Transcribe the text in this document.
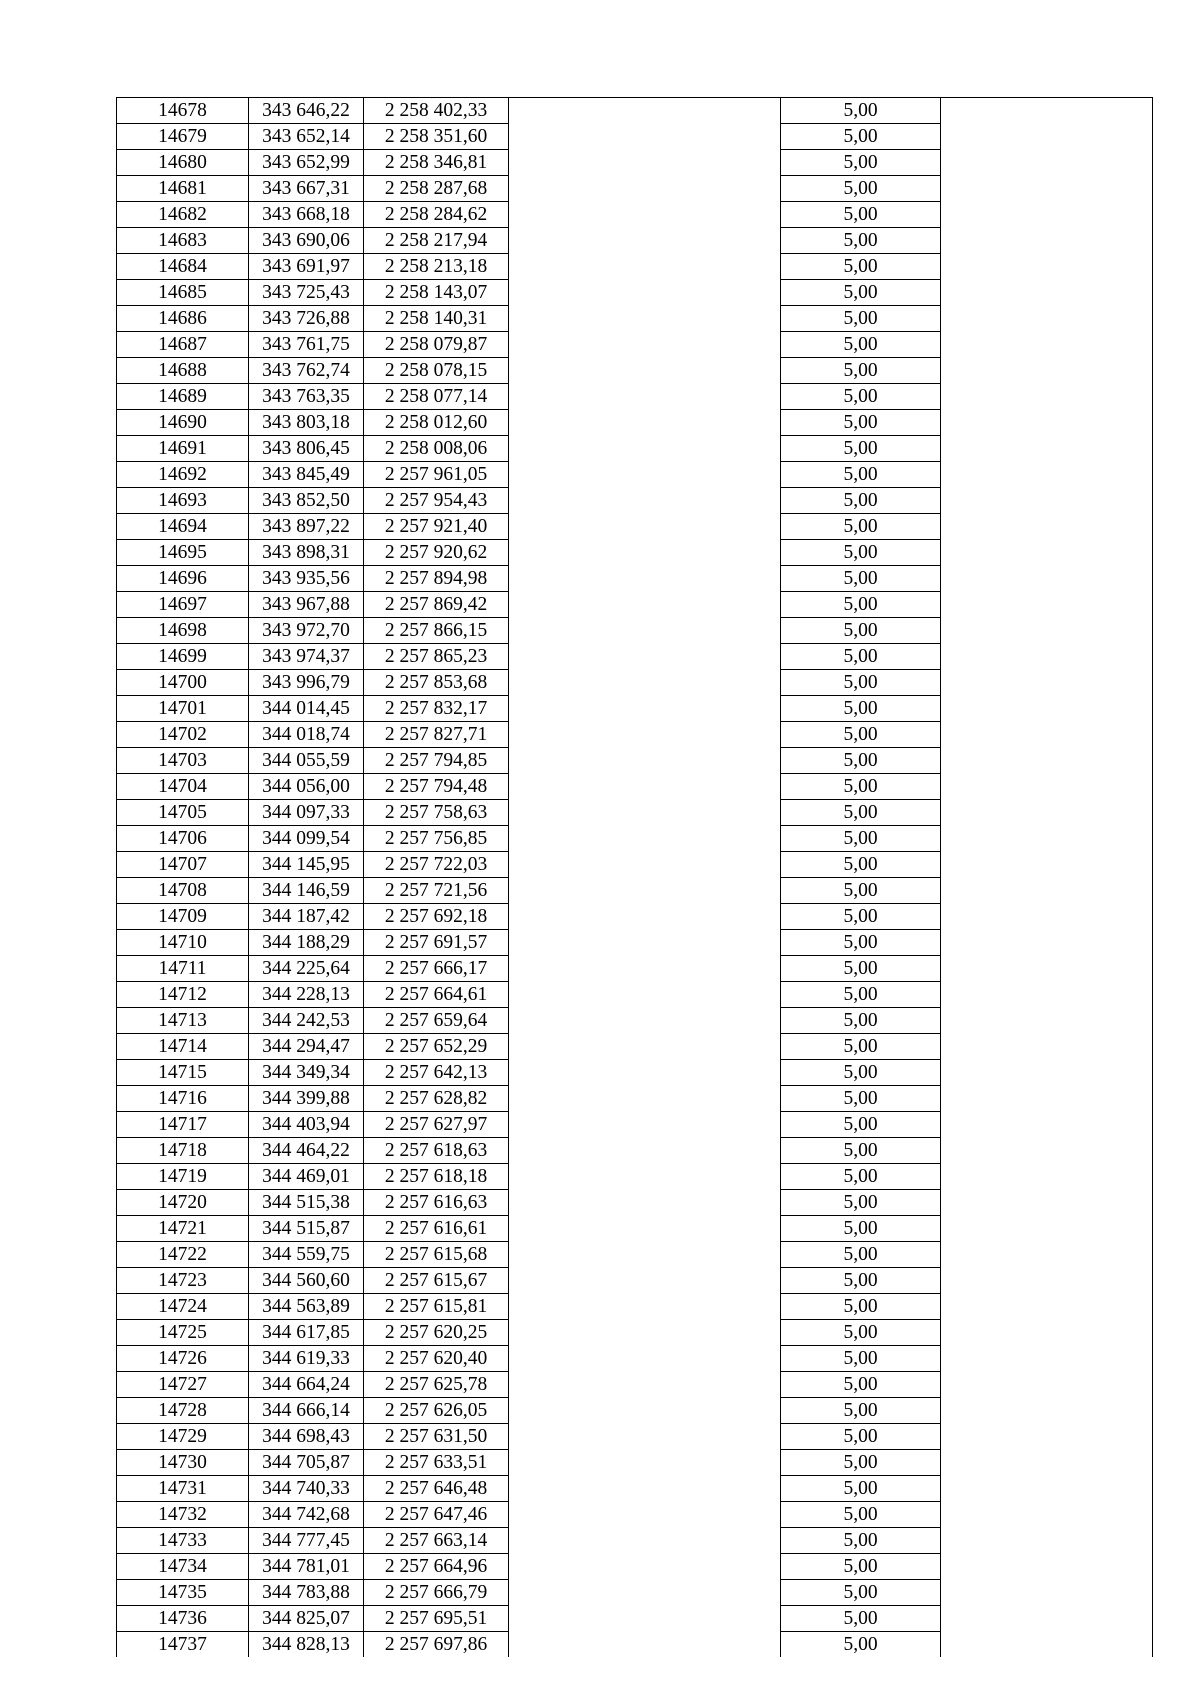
14678	343 646,22	2 258 402,33		5,00	
14679	343 652,14	2 258 351,60		5,00	
14680	343 652,99	2 258 346,81		5,00	
14681	343 667,31	2 258 287,68		5,00	
14682	343 668,18	2 258 284,62		5,00	
14683	343 690,06	2 258 217,94		5,00	
14684	343 691,97	2 258 213,18		5,00	
14685	343 725,43	2 258 143,07		5,00	
14686	343 726,88	2 258 140,31		5,00	
14687	343 761,75	2 258 079,87		5,00	
14688	343 762,74	2 258 078,15		5,00	
14689	343 763,35	2 258 077,14		5,00	
14690	343 803,18	2 258 012,60		5,00	
14691	343 806,45	2 258 008,06		5,00	
14692	343 845,49	2 257 961,05		5,00	
14693	343 852,50	2 257 954,43		5,00	
14694	343 897,22	2 257 921,40		5,00	
14695	343 898,31	2 257 920,62		5,00	
14696	343 935,56	2 257 894,98		5,00	
14697	343 967,88	2 257 869,42		5,00	
14698	343 972,70	2 257 866,15		5,00	
14699	343 974,37	2 257 865,23		5,00	
14700	343 996,79	2 257 853,68		5,00	
14701	344 014,45	2 257 832,17		5,00	
14702	344 018,74	2 257 827,71		5,00	
14703	344 055,59	2 257 794,85		5,00	
14704	344 056,00	2 257 794,48		5,00	
14705	344 097,33	2 257 758,63		5,00	
14706	344 099,54	2 257 756,85		5,00	
14707	344 145,95	2 257 722,03		5,00	
14708	344 146,59	2 257 721,56		5,00	
14709	344 187,42	2 257 692,18		5,00	
14710	344 188,29	2 257 691,57		5,00	
14711	344 225,64	2 257 666,17		5,00	
14712	344 228,13	2 257 664,61		5,00	
14713	344 242,53	2 257 659,64		5,00	
14714	344 294,47	2 257 652,29		5,00	
14715	344 349,34	2 257 642,13		5,00	
14716	344 399,88	2 257 628,82		5,00	
14717	344 403,94	2 257 627,97		5,00	
14718	344 464,22	2 257 618,63		5,00	
14719	344 469,01	2 257 618,18		5,00	
14720	344 515,38	2 257 616,63		5,00	
14721	344 515,87	2 257 616,61		5,00	
14722	344 559,75	2 257 615,68		5,00	
14723	344 560,60	2 257 615,67		5,00	
14724	344 563,89	2 257 615,81		5,00	
14725	344 617,85	2 257 620,25		5,00	
14726	344 619,33	2 257 620,40		5,00	
14727	344 664,24	2 257 625,78		5,00	
14728	344 666,14	2 257 626,05		5,00	
14729	344 698,43	2 257 631,50		5,00	
14730	344 705,87	2 257 633,51		5,00	
14731	344 740,33	2 257 646,48		5,00	
14732	344 742,68	2 257 647,46		5,00	
14733	344 777,45	2 257 663,14		5,00	
14734	344 781,01	2 257 664,96		5,00	
14735	344 783,88	2 257 666,79		5,00	
14736	344 825,07	2 257 695,51		5,00	
14737	344 828,13	2 257 697,86		5,00	
